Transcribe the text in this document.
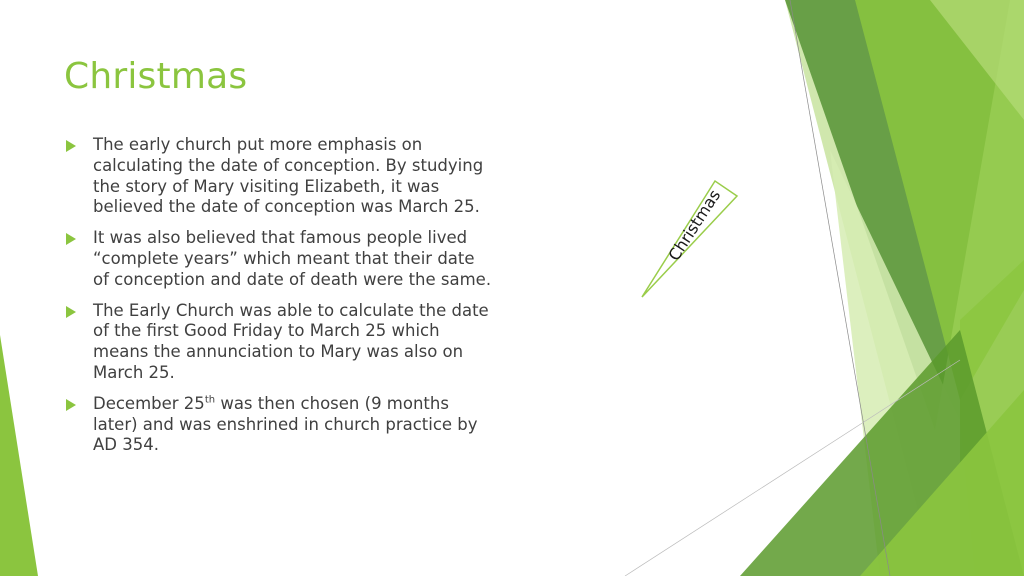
Christmas
Christmas
The early church put more emphasis on calculating the date of conception. By studying the story of Mary visiting Elizabeth, it was believed the date of conception was March 25.
It was also believed that famous people lived “complete years” which meant that their date of conception and date of death were the same.
The Early Church was able to calculate the date of the first Good Friday to March 25 which means the annunciation to Mary was also on March 25.
December 25th was then chosen (9 months later) and was enshrined in church practice by AD 354.
